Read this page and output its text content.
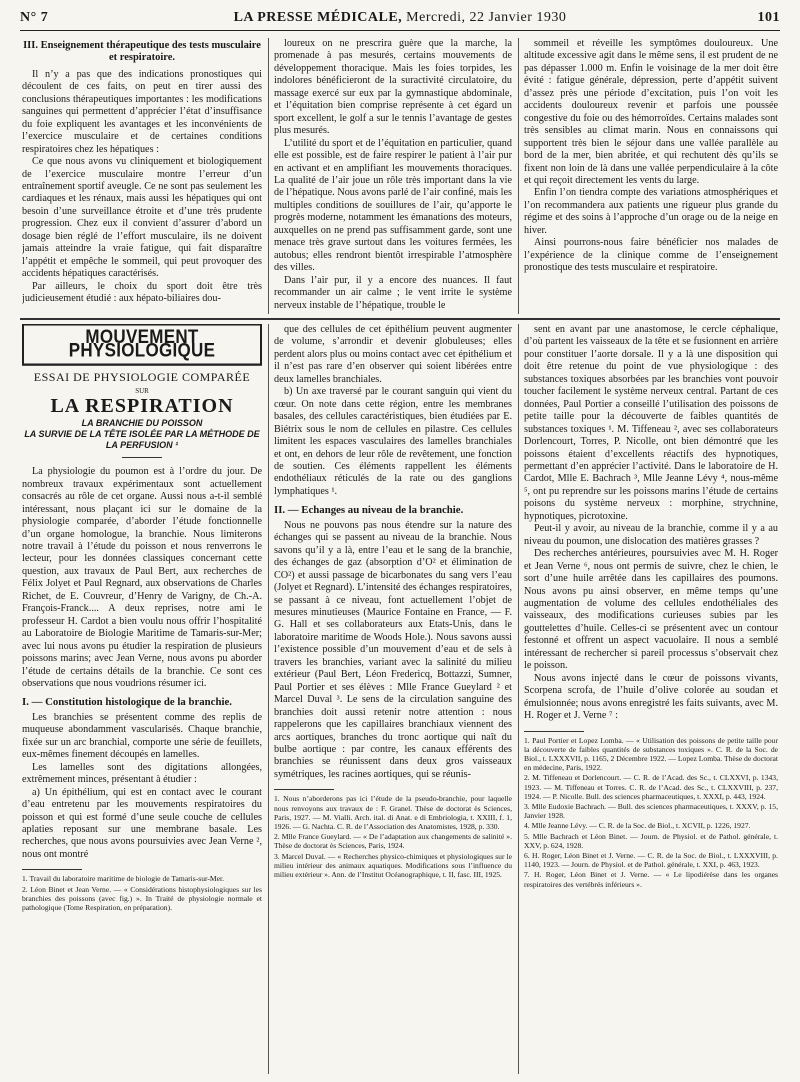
N° 7	LA PRESSE MÉDICALE, Mercredi, 22 Janvier 1930	101
III. Enseignement thérapeutique des tests musculaire et respiratoire.

Il n’y a pas que des indications pronostiques qui découlent de ces faits, on peut en tirer aussi des conclusions thérapeutiques importantes : les modifications sanguines qui permettent d’apprécier l’état d’insuffisance du foie expliquent les avantages et les inconvénients de l’exercice musculaire et de certaines conditions respiratoires chez les hépatiques :

Ce que nous avons vu cliniquement et biologiquement de l’exercice musculaire montre l’erreur d’un entraînement sportif aveugle. Ce ne sont pas seulement les cardiaques et les rénaux, mais aussi les hépatiques qui ont besoin d’une surveillance étroite et d’une très prudente progression. Chez eux il convient d’assurer d’abord un dosage bien réglé de l’effort musculaire, ils ne doivent jamais atteindre la vraie fatigue, qui fait disparaître l’appétit et empêche le sommeil, qui peut provoquer des accidents hépatiques caractérisés.

Par ailleurs, le choix du sport doit être très judicieusement étudié : aux hépato-biliaires dou-

loureux on ne prescrira guère que la marche, la promenade à pas mesurés, certains mouvements de développement thoracique. Mais les foies torpides, les indolores bénéficieront de la suractivité circulatoire, du massage exercé sur eux par la gymnastique abdominale, et l’équitation bien comprise représente à cet égard un sport excellent, le golf a sur le tennis l’avantage de gestes plus mesurés.

L’utilité du sport et de l’équitation en particulier, quand elle est possible, est de faire respirer le patient à l’air pur en activant et en amplifiant les mouvements thoraciques. La qualité de l’air joue un rôle très important dans la vie de l’hépatique. Nous avons parlé de l’air confiné, mais les multiples conditions de souillures de l’air, qu’apporte le progrès moderne, notamment les émanations des moteurs, auxquelles on ne prend pas suffisamment garde, sont une menace très grave surtout dans les voitures fermées, les autobus; elles rendront bientôt irrespirable l’atmosphère des villes.

Dans l’air pur, il y a encore des nuances. Il faut recommander un air calme ; le vent irrite le système nerveux instable de l’hépatique, trouble le

sommeil et réveille les symptômes douloureux. Une altitude excessive agit dans le même sens, il est prudent de ne pas dépasser 1.000 m. Enfin le voisinage de la mer doit être évité : fatigue générale, dépression, perte d’appétit suivent d’assez près une période d’excitation, puis l’on voit les accidents douloureux revenir et parfois une poussée congestive du foie ou des hémorroïdes. Certains malades sont très sensibles au climat marin. Nous en connaissons qui supportent très bien le séjour dans une vallée parallèle au bord de la mer, bien abritée, et qui rechutent dès qu’ils se fixent non loin de là dans une vallée perpendiculaire à la côte et qui reçoit directement les vents du large.

Enfin l’on tiendra compte des variations atmosphériques et l’on recommandera aux patients une rigueur plus grande du régime et des soins à l’approche d’un orage ou de la neige en hiver.

Ainsi pourrons-nous faire bénéficier nos malades de l’expérience de la clinique comme de l’enseignement pronostique des tests musculaire et respiratoire.

MOUVEMENT PHYSIOLOGIQUE
ESSAI DE PHYSIOLOGIE COMPARÉE
SUR
LA RESPIRATION
LA BRANCHIE DU POISSON
LA SURVIE DE LA TÊTE ISOLÉE PAR LA MÉTHODE DE LA PERFUSION ¹

La physiologie du poumon est à l’ordre du jour. De nombreux travaux expérimentaux sont actuellement consacrés au rôle de cet organe. Aussi nous a-t-il semblé intéressant, nous plaçant ici sur le domaine de la physiologie comparée, d’aborder l’étude fonctionnelle d’un organe homologue, la branchie. Nous limiterons notre travail à l’étude du poisson et nous renverrons le lecteur, pour les données classiques concernant cette question, aux travaux de Paul Bert, aux recherches de Félix Jolyet et Paul Regnard, aux observations de Charles Richet, de E. Couvreur, d’Henry de Varigny, de Ch.-A. François-Franck.... A deux reprises, notre ami le professeur H. Cardot a bien voulu nous offrir l’hospitalité au Laboratoire de Biologie Maritime de Tamaris-sur-Mer; avec lui nous avons pu étudier la respiration de plusieurs poissons marins; avec Jean Verne, nous avons pu aborder l’étude de certains détails de la branchie. Ce sont ces observations que nous voudrions résumer ici.

I. — Constitution histologique de la branchie.

Les branchies se présentent comme des replis de muqueuse abondamment vascularisés. Chaque branchie, fixée sur un arc branchial, comporte une série de feuillets, eux-mêmes finement découpés en lamelles.

Les lamelles sont des digitations allongées, extrêmement minces, présentant à étudier :

a) Un épithélium, qui est en contact avec le courant d’eau entretenu par les mouvements respiratoires du poisson et qui est formé d’une seule couche de cellules aplaties reposant sur une membrane basale. Les recherches, que nous avons poursuivies avec Jean Verne ², nous ont montré

1. Travail du laboratoire maritime de biologie de Tamaris-sur-Mer.

2. Léon Binet et Jean Verne. — « Considérations histophysiologiques sur les branchies des poissons (avec fig.) ». In Traité de physiologie normale et pathologique (Tome Respiration, en préparation).

que des cellules de cet épithélium peuvent augmenter de volume, s’arrondir et devenir globuleuses; elles perdent alors plus ou moins contact avec cet épithélium et il n’est pas rare d’en observer qui soient libérées entre deux lamelles branchiales.

b) Un axe traversé par le courant sanguin qui vient du cœur. On note dans cette région, entre les membranes basales, des cellules caractéristiques, bien étudiées par E. Biétrix sous le nom de cellules en pilastre. Ces cellules limitent les espaces vasculaires des lamelles branchiales et ont, en dehors de leur rôle de revêtement, une fonction de soutien. Ces éléments rappellent les éléments endothéliaux réticulés de la rate ou des ganglions lymphatiques ¹.

II. — Echanges au niveau de la branchie.

Nous ne pouvons pas nous étendre sur la nature des échanges qui se passent au niveau de la branchie. Nous savons qu’il y a là, entre l’eau et le sang de la branchie, des échanges de gaz (absorption d’O² et élimination de CO²) et aussi passage de bicarbonates du sang vers l’eau (Jolyet et Regnard). L’intensité des échanges respiratoires, se passant à ce niveau, font actuellement l’objet de mesures minutieuses (Maurice Fontaine en France, — F. G. Hall et ses collaborateurs aux Etats-Unis, dans le laboratoire maritime de Woods Hole.). Nous savons aussi l’existence possible d’un mouvement d’eau et de sels à travers les branchies, variant avec la salinité du milieu extérieur (Paul Bert, Léon Fredericq, Bottazzi, Sumner, Paul Portier et ses élèves : Mlle France Gueylard ² et Marcel Duval ³. Le sens de la circulation sanguine des branchies doit aussi retenir notre attention : nous rappelerons que les capillaires branchiaux viennent des arcs aortiques, branches du tronc aortique qui naît du bulbe aortique : par contre, les canaux efférents des branchies se réunissent dans deux gros vaisseaux symétriques, les racines aortiques, qui se réunis-

1. Nous n’aborderons pas ici l’étude de la pseudo-branchie, pour laquelle nous renvoyons aux travaux de : F. Granel. Thèse de doctorat ès Sciences, Paris, 1927. — M. Vialli. Arch. ital. di Anat. e di Embriologia, t. XXIII, f. 1, 1926. — G. Nachta. C. R. de l’Association des Anatomistes, 1928, p. 330.

2. Mlle France Gueylard. — « De l’adaptation aux changements de salinité ». Thèse de doctorat ès Sciences, Paris, 1924.

3. Marcel Duval. — « Recherches physico-chimiques et physiologiques sur le milieu intérieur des animaux aquatiques. Modifications sous l’influence du milieu extérieur ». Ann. de l’Institut Océanographique, t. II, fasc. III, 1925.

sent en avant par une anastomose, le cercle céphalique, d’où partent les vaisseaux de la tête et se fusionnent en arrière pour constituer l’aorte dorsale. Il y a là une disposition qui doit être retenue du point de vue physiologique : des substances toxiques absorbées par les branchies vont pouvoir toucher facilement le système nerveux central. Partant de ces données, Paul Portier a conseillé l’utilisation des poissons de petite taille pour la découverte de faibles quantités de substances toxiques ¹. M. Tiffeneau ², avec ses collaborateurs Dorlencourt, Torres, P. Nicolle, ont bien démontré que les poissons étaient d’excellents réactifs des hypnotiques, permettant d’en apprécier l’activité. Dans le laboratoire de H. Cardot, Mlle E. Bachrach ³, Mlle Jeanne Lévy ⁴, nous-même ⁵, ont pu reprendre sur les poissons marins l’étude de certains poisons du système nerveux : morphine, strychnine, hypnotiques, picrotoxine.

Peut-il y avoir, au niveau de la branchie, comme il y a au niveau du poumon, une dislocation des matières grasses ?

Des recherches antérieures, poursuivies avec M. H. Roger et Jean Verne ⁶, nous ont permis de suivre, chez le chien, le sort d’une huile arrêtée dans les capillaires des poumons. Nous avons pu ainsi observer, en même temps qu’une augmentation de volume des cellules endothéliales des vaisseaux, des modifications curieuses subies par les gouttelettes d’huile. Celles-ci se présentent avec un contour festonné et offrent un aspect vacuolaire. Il nous a semblé intéressant de rechercher si pareil processus s’observait chez le poisson.

Nous avons injecté dans le cœur de poissons vivants, Scorpena scrofa, de l’huile d’olive colorée au soudan et émulsionnée; nous avons enregistré les faits suivants, avec M. H. Roger et J. Verne ⁷ :

1. Paul Portier et Lopez Lomba. — « Utilisation des poissons de petite taille pour la découverte de faibles quantités de substances toxiques ». C. R. de la Soc. de Biol., t. LXXXVII, p. 1165, 2 Décembre 1922. — Lopez Lomba. Thèse de doctorat en médecine, Paris, 1922.

2. M. Tiffeneau et Dorlencourt. — C. R. de l’Acad. des Sc., t. CLXXVI, p. 1343, 1923. — M. Tiffeneau et Torres. C. R. de l’Acad. des Sc., t. CLXXVIII, p. 237, 1924. — P. Nicolle. Bull. des sciences pharmaceutiques, t. XXXI, p. 443, 1924.

3. Mlle Eudoxie Bachrach. — Bull. des sciences pharmaceutiques, t. XXXV, p. 15, Janvier 1928.

4. Mlle Jeanne Lévy. — C. R. de la Soc. de Biol., t. XCVII, p. 1226, 1927.

5. Mlle Bachrach et Léon Binet. — Journ. de Physiol. et de Pathol. générale, t. XXV, p. 624, 1928.

6. H. Roger, Léon Binet et J. Verne. — C. R. de la Soc. de Biol., t. LXXXVIII, p. 1140, 1923. — Journ. de Physiol. et de Pathol. générale, t. XXI, p. 463, 1923.

7. H. Roger, Léon Binet et J. Verne. — « Le lipodiérèse dans les organes respiratoires des vertébrés inférieurs ».
